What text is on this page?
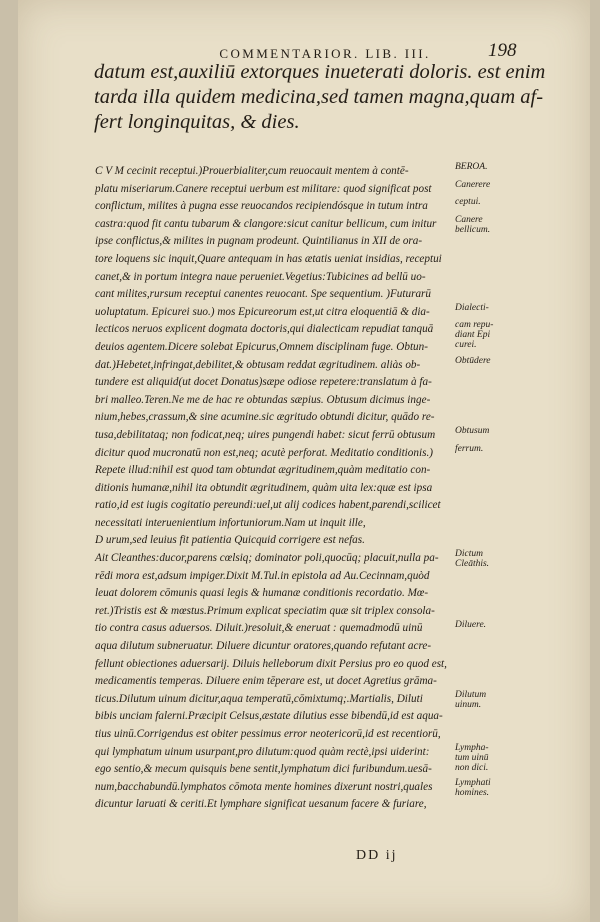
COMMENTARIOR. LIB. III.	198
datum est,auxiliū extorques inueterati doloris. est enim
tarda illa quidem medicina,sed tamen magna,quam af-
fert longinquitas, & dies.
C V M cecinit receptui.)Prouerbialiter,cum reuocauit mentem à contē-
platu miseriarum.Canere receptui uerbum est militare: quod significat post
conflictum, milites à pugna esse reuocandos recipiendósque in tutum intra
castra:quod fit cantu tubarum & clangore:sicut canitur bellicum, cum initur
ipse conflictus,& milites in pugnam prodeunt. Quintilianus in XII de ora-
tore loquens sic inquit,Quare antequam in has ætatis ueniat insidias, receptui
canet,& in portum integra naue perueniet.Vegetius:Tubicines ad bellū uo-
cant milites,rursum receptui canentes reuocant. Spe sequentium. )Futurarū
uoluptatum. Epicurei suo.) mos Epicureorum est,ut citra eloquentiā & dia-
lecticos neruos explicent dogmata doctoris,qui dialecticam repudiat tanquā
deuios agentem.Dicere solebat Epicurus,Omnem disciplinam fuge. Obtun-
dat.)Hebetet,infringat,debilitet,& obtusam reddat ægritudinem. aliàs ob-
tundere est aliquid(ut docet Donatus)sæpe odiose repetere:translatum à fa-
bri malleo.Teren.Ne me de hac re obtundas sæpius. Obtusum dicimus inge-
nium,hebes,crassum,& sine acumine.sic ægritudo obtundi dicitur, quādo re-
tusa,debilitataq; non fodicat,neq; uires pungendi habet: sicut ferrū obtusum
dicitur quod mucronatū non est,neq; acutè perforat. Meditatio conditionis.)
Repete illud:nihil est quod tam obtundat ægritudinem,quàm meditatio con-
ditionis humanæ,nihil ita obtundit ægritudinem, quàm uita lex:quæ est ipsa
ratio,id est iugis cogitatio pereundi:uel,ut alij codices habent,parendi,scilicet
necessitati interuenientium infortuniorum.Nam ut inquit ille,
D urum,sed leuius fit patientia Quicquid corrigere est nefas.
Ait Cleanthes:ducor,parens cœlsiq; dominator poli,quocūq; placuit,nulla pa-
rēdi mora est,adsum impiger.Dixit M.Tul.in epistola ad Au.Cecinnam,quòd
leuat dolorem cōmunis quasi legis & humanæ conditionis recordatio. Mœ-
ret.)Tristis est & mœstus.Primum explicat speciatim quæ sit triplex consola-
tio contra casus aduersos. Diluit.)resoluit,& eneruat : quemadmodū uinū
aqua dilutum subneruatur. Diluere dicuntur oratores,quando refutant acre-
fellunt obiectiones aduersarij. Diluis helleborum dixit Persius pro eo quod est,
medicamentis temperas. Diluere enim tēperare est, ut docet Agretius grāma-
ticus.Dilutum uinum dicitur,aqua temperatū,cōmixtumq;.Martialis, Diluti
bibis unciam falerni.Præcipit Celsus,æstate dilutius esse bibendū,id est aqua-
tius uinū.Corrigendus est obiter pessimus error neotericorū,id est recentiorū,
qui lymphatum uinum usurpant,pro dilutum:quod quàm rectè,ipsi uiderint:
ego sentio,& mecum quisquis bene sentit,lymphatum dici furibundum.uesā-
num,bacchabundū.lymphatos cōmota mente homines dixerunt nostri,quales
dicuntur laruati & ceriti.Et lymphare significat uesanum facere & furiare,
BEROA.
Canerere
ceptui.
Canere
bellicum.
Dialecti-
cam repu-
diant Epi
curei.
Obtūdere
Obtusum
ferrum.
Dictum
Cleāthis.
Diluere.
Dilutum
uinum.
Lympha-
tum uinū
non dici.
Lymphati
homines.
DD ij
